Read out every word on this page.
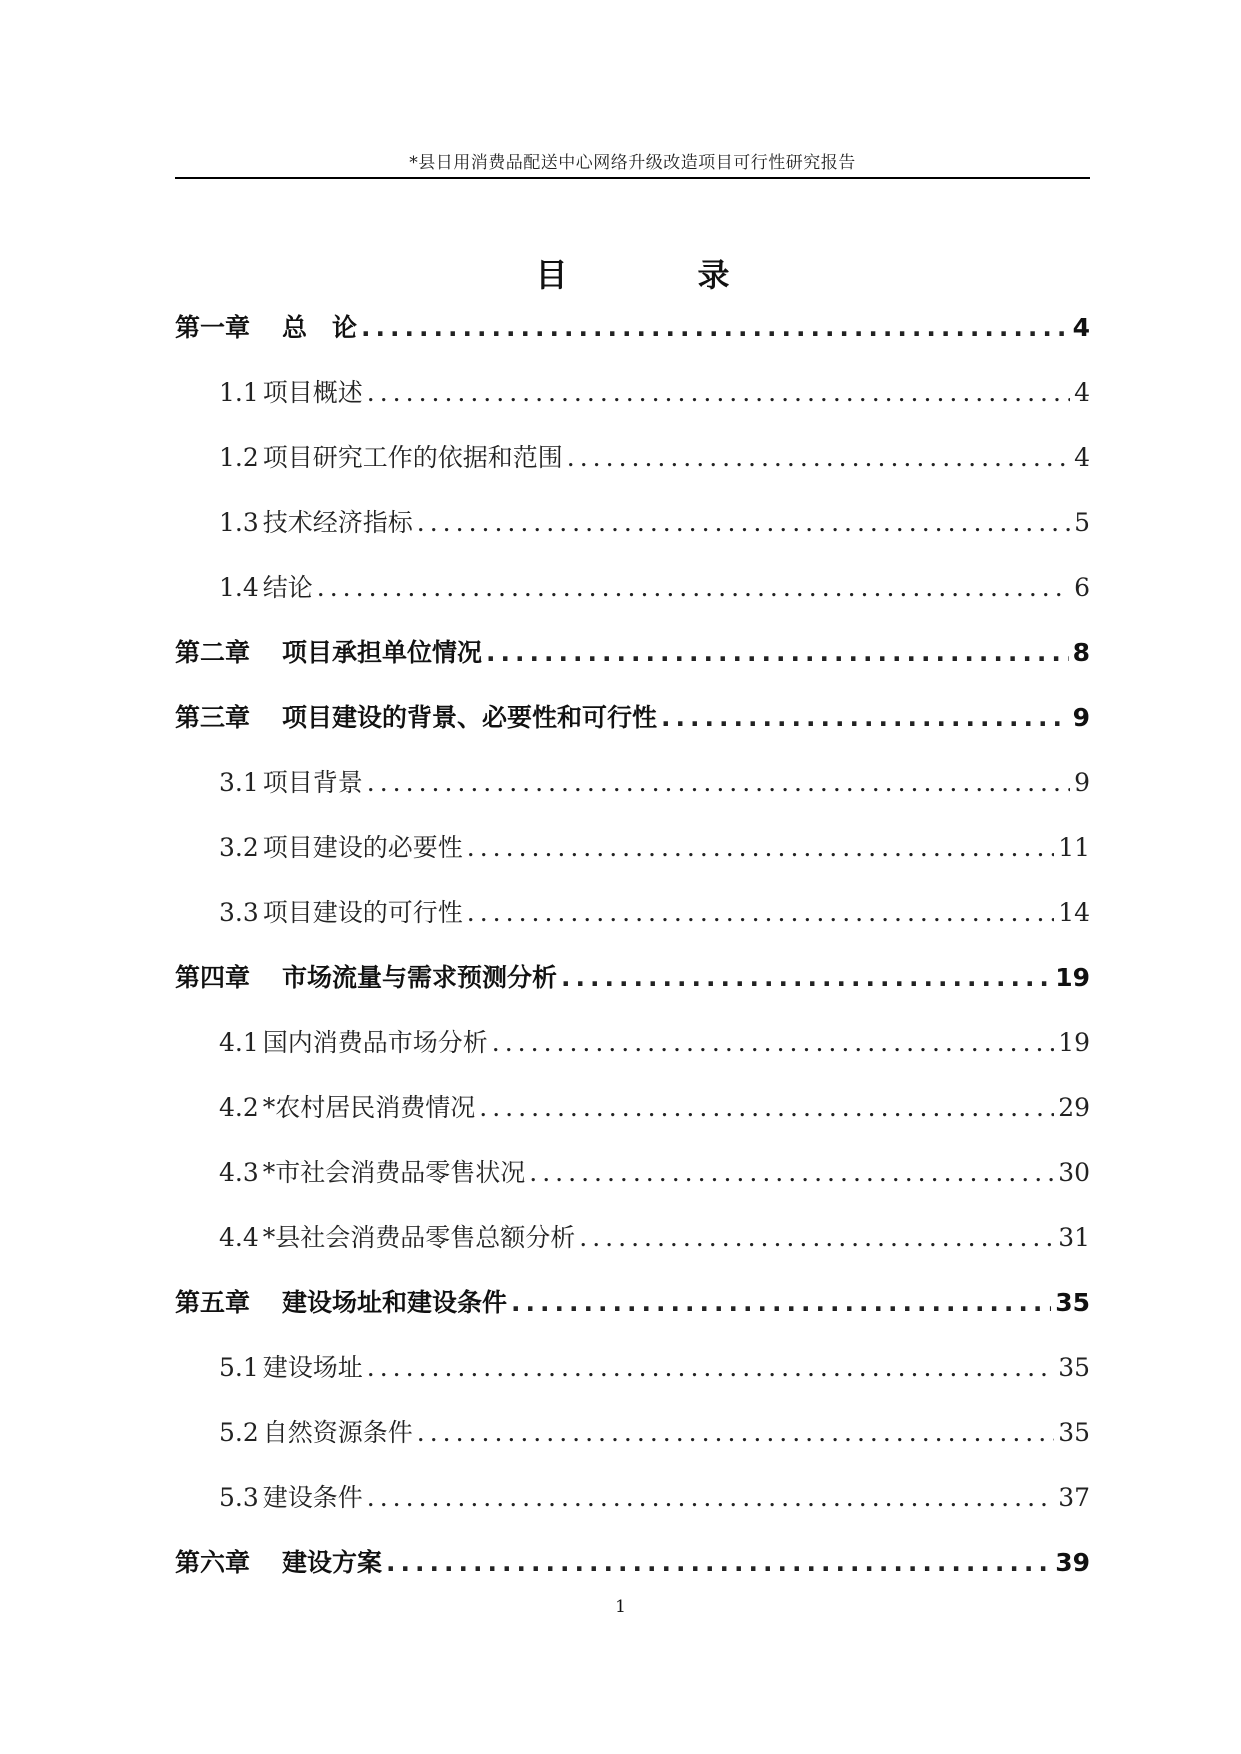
*县日用消费品配送中心网络升级改造项目可行性研究报告
目	录
第一章 总　论 .....	4
1.1 项目概述 .....	4
1.2 项目研究工作的依据和范围 .....	4
1.3 技术经济指标 .....	5
1.4 结论 .....	6
第二章 项目承担单位情况 .....	8
第三章 项目建设的背景、必要性和可行性 .....	9
3.1 项目背景 .....	9
3.2 项目建设的必要性 .....	11
3.3 项目建设的可行性 .....	14
第四章 市场流量与需求预测分析 .....	19
4.1 国内消费品市场分析 .....	19
4.2 *农村居民消费情况 .....	29
4.3 *市社会消费品零售状况 .....	30
4.4 *县社会消费品零售总额分析 .....	31
第五章 建设场址和建设条件 .....	35
5.1 建设场址 .....	35
5.2 自然资源条件 .....	35
5.3 建设条件 .....	37
第六章 建设方案 .....	39
1
